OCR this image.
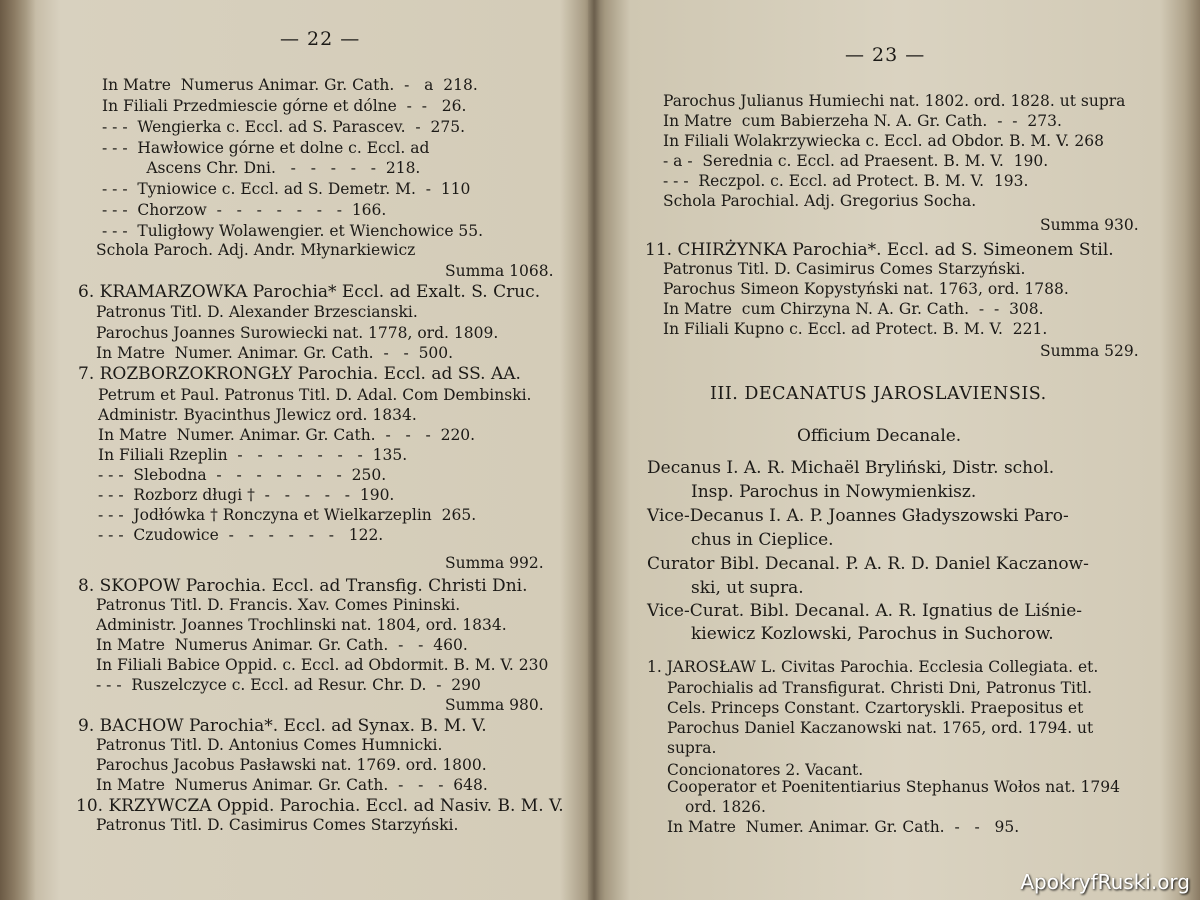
— 22 —
In Matre  Numerus Animar. Gr. Cath.  -   a  218.
In Filiali Przedmiescie górne et dólne  -  -   26.
- - -  Wengierka c. Eccl. ad S. Parascev.  -  275.
- - -  Hawłowice górne et dolne c. Eccl. ad
Ascens Chr. Dni.   -   -   -   -   -  218.
- - -  Tyniowice c. Eccl. ad S. Demetr. M.  -  110
- - -  Chorzow  -   -   -   -   -   -   -  166.
- - -  Tuligłowy Wolawengier. et Wienchowice 55.
Schola Paroch. Adj. Andr. Młynarkiewicz
Summa 1068.
6. KRAMARZOWKA Parochia* Eccl. ad Exalt. S. Cruc.
Patronus Titl. D. Alexander Brzescianski.
Parochus Joannes Surowiecki nat. 1778, ord. 1809.
In Matre  Numer. Animar. Gr. Cath.  -   -  500.
7. ROZBORZOKRONGŁY Parochia. Eccl. ad SS. AA.
Petrum et Paul. Patronus Titl. D. Adal. Com Dembinski.
Administr. Byacinthus Jlewicz ord. 1834.
In Matre  Numer. Animar. Gr. Cath.  -   -   -  220.
In Filiali Rzeplin  -   -   -   -   -   -   -  135.
- - -  Slebodna  -   -   -   -   -   -   -  250.
- - -  Rozborz długi †  -   -   -   -   -  190.
- - -  Jodłówka † Ronczyna et Wielkarzeplin  265.
- - -  Czudowice  -   -   -   -   -   -   122.
Summa 992.
8. SKOPOW Parochia. Eccl. ad Transfig. Christi Dni.
Patronus Titl. D. Francis. Xav. Comes Pininski.
Administr. Joannes Trochlinski nat. 1804, ord. 1834.
In Matre  Numerus Animar. Gr. Cath.  -   -  460.
In Filiali Babice Oppid. c. Eccl. ad Obdormit. B. M. V. 230
- - -  Ruszelczyce c. Eccl. ad Resur. Chr. D.  -  290
Summa 980.
9. BACHOW Parochia*. Eccl. ad Synax. B. M. V.
Patronus Titl. D. Antonius Comes Humnicki.
Parochus Jacobus Pasławski nat. 1769. ord. 1800.
In Matre  Numerus Animar. Gr. Cath.  -   -   -  648.
10. KRZYWCZA Oppid. Parochia. Eccl. ad Nasiv. B. M. V.
Patronus Titl. D. Casimirus Comes Starzyński.
— 23 —
Parochus Julianus Humiechi nat. 1802. ord. 1828. ut supra
In Matre  cum Babierzeha N. A. Gr. Cath.  -  -  273.
In Filiali Wolakrzywiecka c. Eccl. ad Obdor. B. M. V. 268
- a -  Serednia c. Eccl. ad Praesent. B. M. V.  190.
- - -  Reczpol. c. Eccl. ad Protect. B. M. V.  193.
Schola Parochial. Adj. Gregorius Socha.
Summa 930.
11. CHIRŻYNKA Parochia*. Eccl. ad S. Simeonem Stil.
Patronus Titl. D. Casimirus Comes Starzyński.
Parochus Simeon Kopystyński nat. 1763, ord. 1788.
In Matre  cum Chirzyna N. A. Gr. Cath.  -  -  308.
In Filiali Kupno c. Eccl. ad Protect. B. M. V.  221.
Summa 529.
III. DECANATUS JAROSLAVIENSIS.
Officium Decanale.
Decanus I. A. R. Michaël Bryliński, Distr. schol.
Insp. Parochus in Nowymienkisz.
Vice-Decanus I. A. P. Joannes Gładyszowski Paro-
chus in Cieplice.
Curator Bibl. Decanal. P. A. R. D. Daniel Kaczanow-
ski, ut supra.
Vice-Curat. Bibl. Decanal. A. R. Ignatius de Liśnie-
kiewicz Kozlowski, Parochus in Suchorow.
1. JAROSŁAW L. Civitas Parochia. Ecclesia Collegiata. et.
Parochialis ad Transfigurat. Christi Dni, Patronus Titl.
Cels. Princeps Constant. Czartoryskli. Praepositus et
Parochus Daniel Kaczanowski nat. 1765, ord. 1794. ut
supra.
Concionatores 2. Vacant.
Cooperator et Poenitentiarius Stephanus Wołos nat. 1794
ord. 1826.
In Matre  Numer. Animar. Gr. Cath.  -   -   95.
ApokryfRuski.org
